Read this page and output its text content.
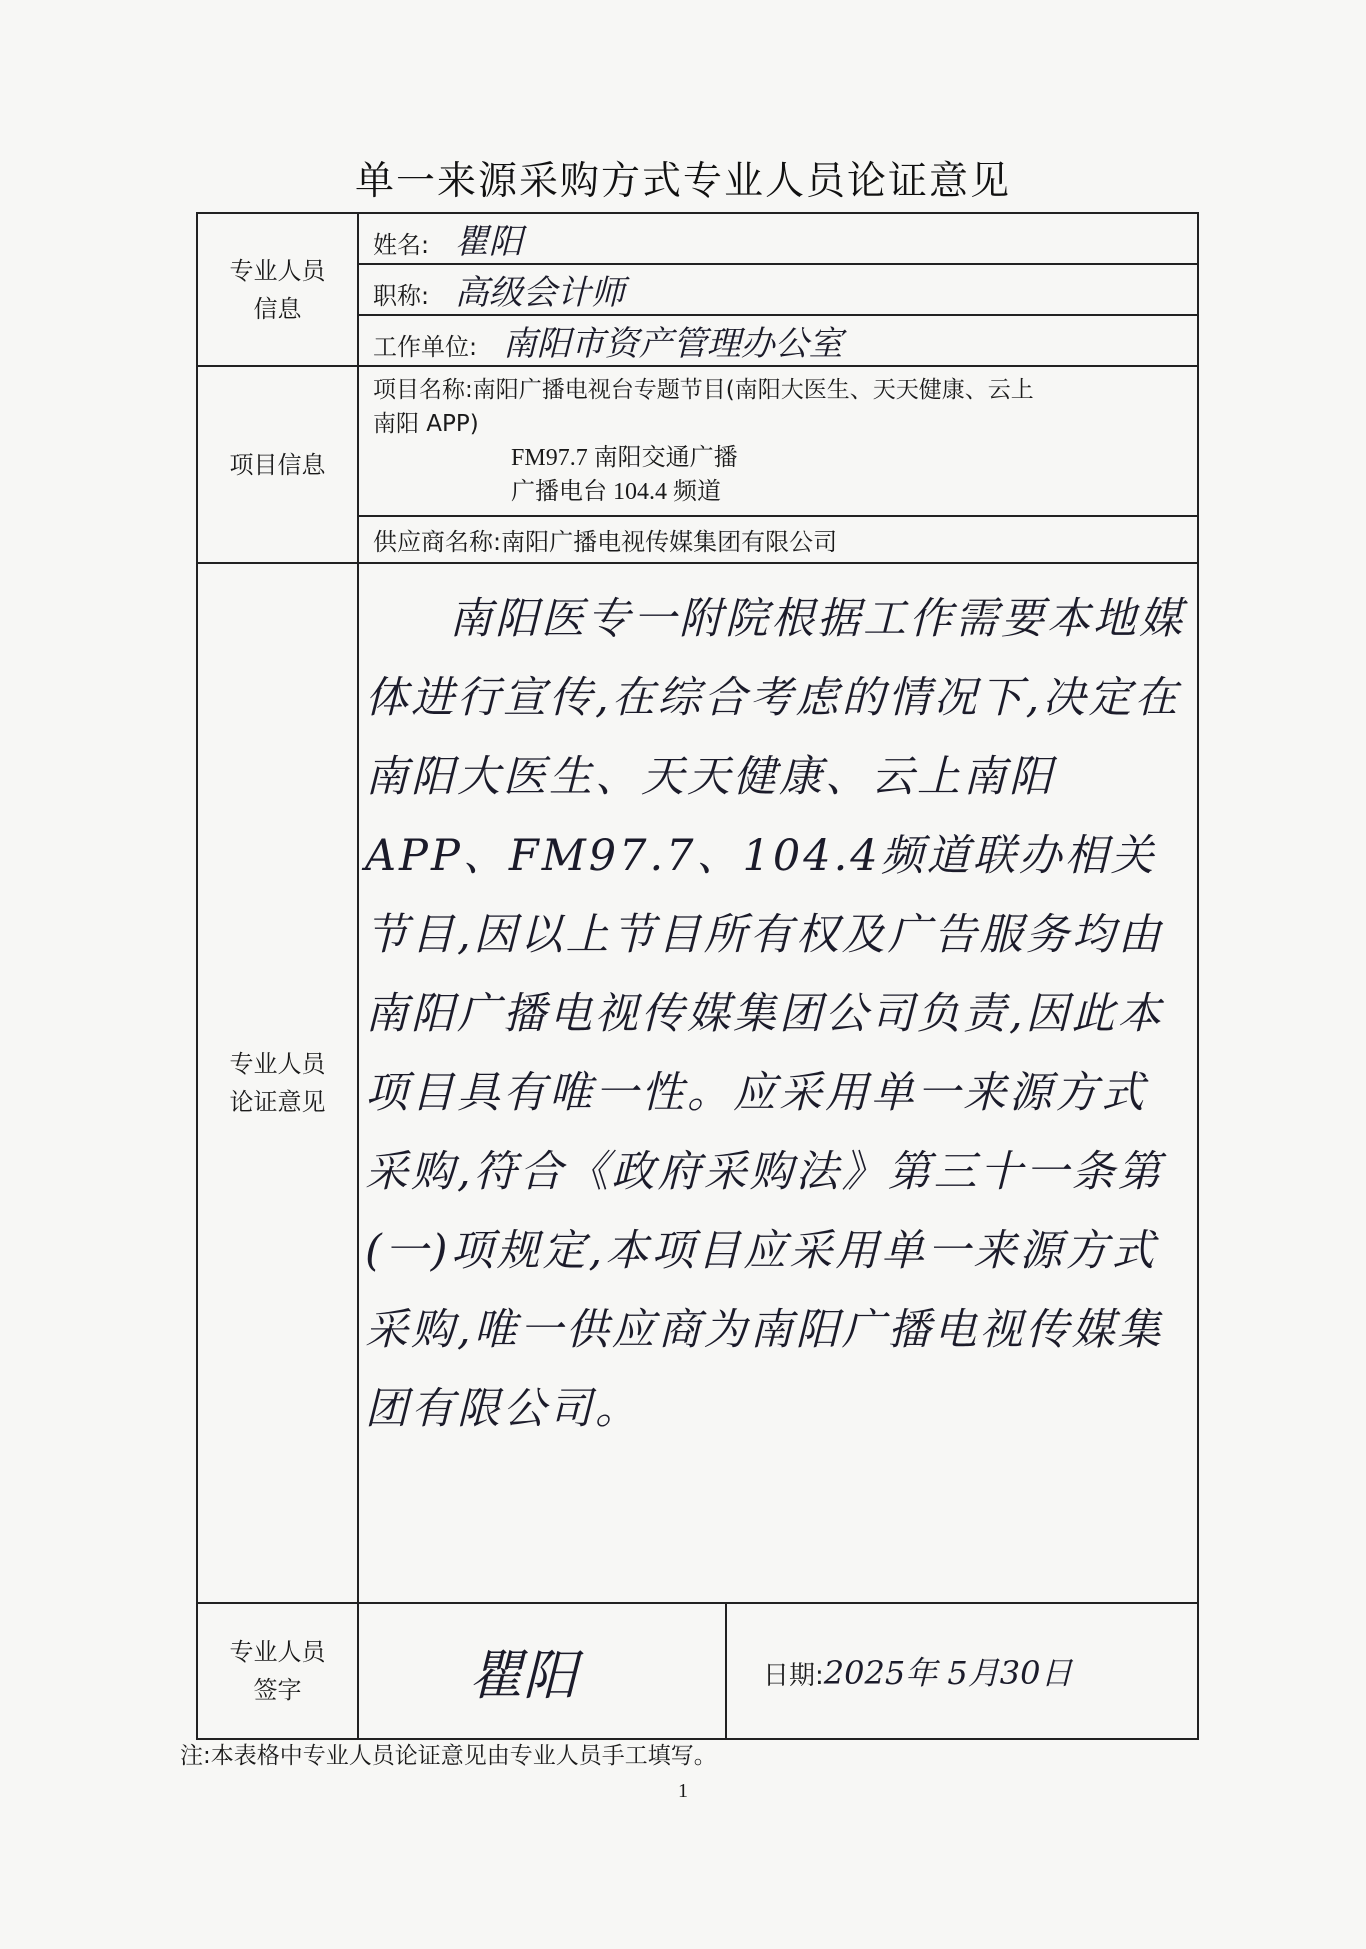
单一来源采购方式专业人员论证意见
专业人员信息	姓名: 瞿阳	
	职称: 高级会计师	
	工作单位: 南阳市资产管理办公室	
项目信息	项目名称:南阳广播电视台专题节目(南阳大医生、天天健康、云上
南阳 APP)
FM97.7 南阳交通广播
广播电台 104.4 频道	

	供应商名称:南阳广播电视传媒集团有限公司	
专业人员论证意见	南阳医专一附院根据工作需要本地媒体进行宣传,在综合考虑的情况下,决定在南阳大医生、天天健康、云上南阳APP、FM97.7、104.4频道联办相关节目,因以上节目所有权及广告服务均由南阳广播电视传媒集团公司负责,因此本项目具有唯一性。应采用单一来源方式采购,符合《政府采购法》第三十一条第(一)项规定,本项目应采用单一来源方式采购,唯一供应商为南阳广播电视传媒集团有限公司。	

专业人员签字	瞿阳	日期:2025年 5月30日
注:本表格中专业人员论证意见由专业人员手工填写。
1
